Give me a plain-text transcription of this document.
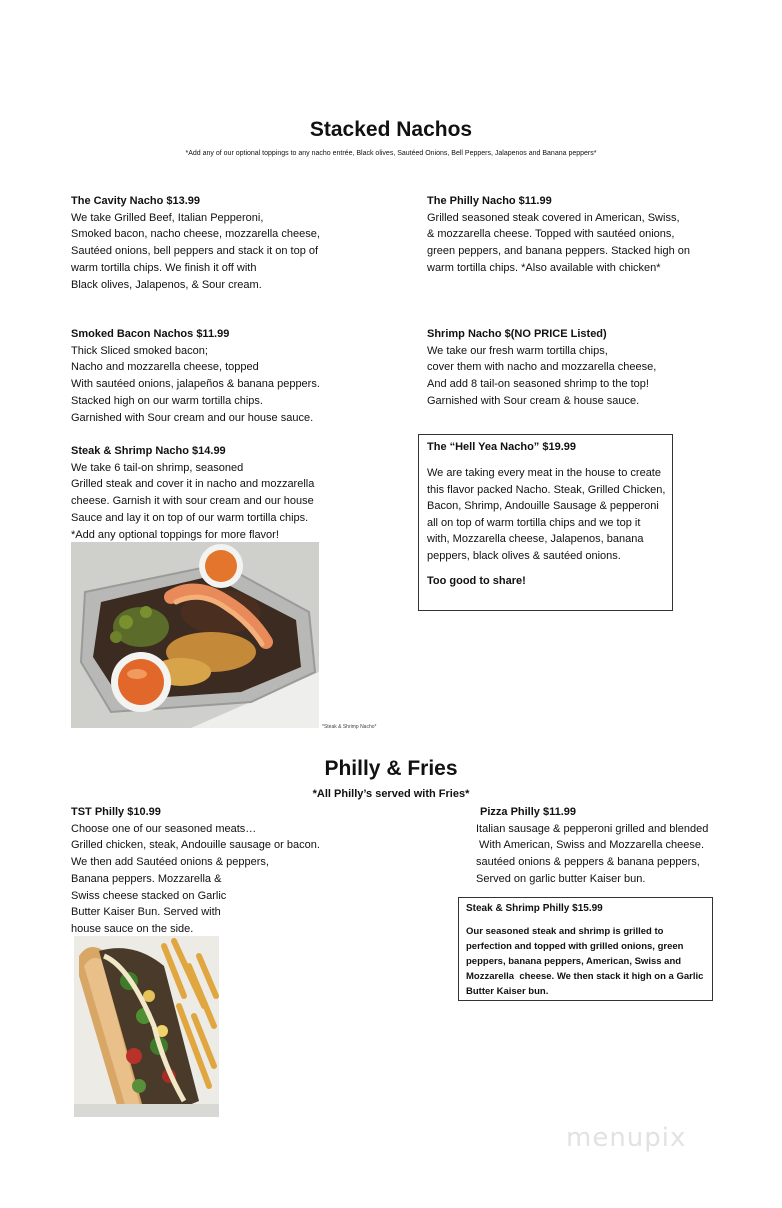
Stacked Nachos
*Add any of our optional toppings to any nacho entrée, Black olives, Sautéed Onions, Bell Peppers, Jalapenos and Banana peppers*
The Cavity Nacho $13.99
We take Grilled Beef, Italian Pepperoni,
Smoked bacon, nacho cheese, mozzarella cheese,
Sautéed onions, bell peppers and stack it on top of
warm tortilla chips. We finish it off with
Black olives, Jalapenos, & Sour cream.
The Philly Nacho $11.99
Grilled seasoned steak covered in American, Swiss,
& mozzarella cheese. Topped with sautéed onions,
green peppers, and banana peppers. Stacked high on
warm tortilla chips. *Also available with chicken*
Smoked Bacon Nachos $11.99
Thick Sliced smoked bacon;
Nacho and mozzarella cheese, topped
With sautéed onions, jalapeños & banana peppers.
Stacked high on our warm tortilla chips.
Garnished with Sour cream and our house sauce.
Shrimp Nacho $(NO PRICE Listed)
We take our fresh warm tortilla chips,
cover them with nacho and mozzarella cheese,
And add 8 tail-on seasoned shrimp to the top!
Garnished with Sour cream & house sauce.
Steak & Shrimp Nacho $14.99
We take 6 tail-on shrimp, seasoned
Grilled steak and cover it in nacho and mozzarella
cheese. Garnish it with sour cream and our house
Sauce and lay it on top of our warm tortilla chips.
*Add any optional toppings for more flavor!
The “Hell Yea Nacho” $19.99
We are taking every meat in the house to create
this flavor packed Nacho. Steak, Grilled Chicken,
Bacon, Shrimp, Andouille Sausage & pepperoni
all on top of warm tortilla chips and we top it
with, Mozzarella cheese, Jalapenos, banana
peppers, black olives & sautéed onions.
Too good to share!
*Steak & Shrimp Nacho*
Philly & Fries
*All Philly’s served with Fries*
TST Philly $10.99
Choose one of our seasoned meats…
Grilled chicken, steak, Andouille sausage or bacon.
We then add Sautéed onions & peppers,
Banana peppers. Mozzarella &
Swiss cheese stacked on Garlic
Butter Kaiser Bun. Served with
house sauce on the side.
Pizza Philly $11.99
Italian sausage & pepperoni grilled and blended
With American, Swiss and Mozzarella cheese.
sautéed onions & peppers & banana peppers,
Served on garlic butter Kaiser bun.
Steak & Shrimp Philly $15.99
Our seasoned steak and shrimp is grilled to
perfection and topped with grilled onions, green
peppers, banana peppers, American, Swiss and
Mozzarella  cheese. We then stack it high on a Garlic
Butter Kaiser bun.
menupix
